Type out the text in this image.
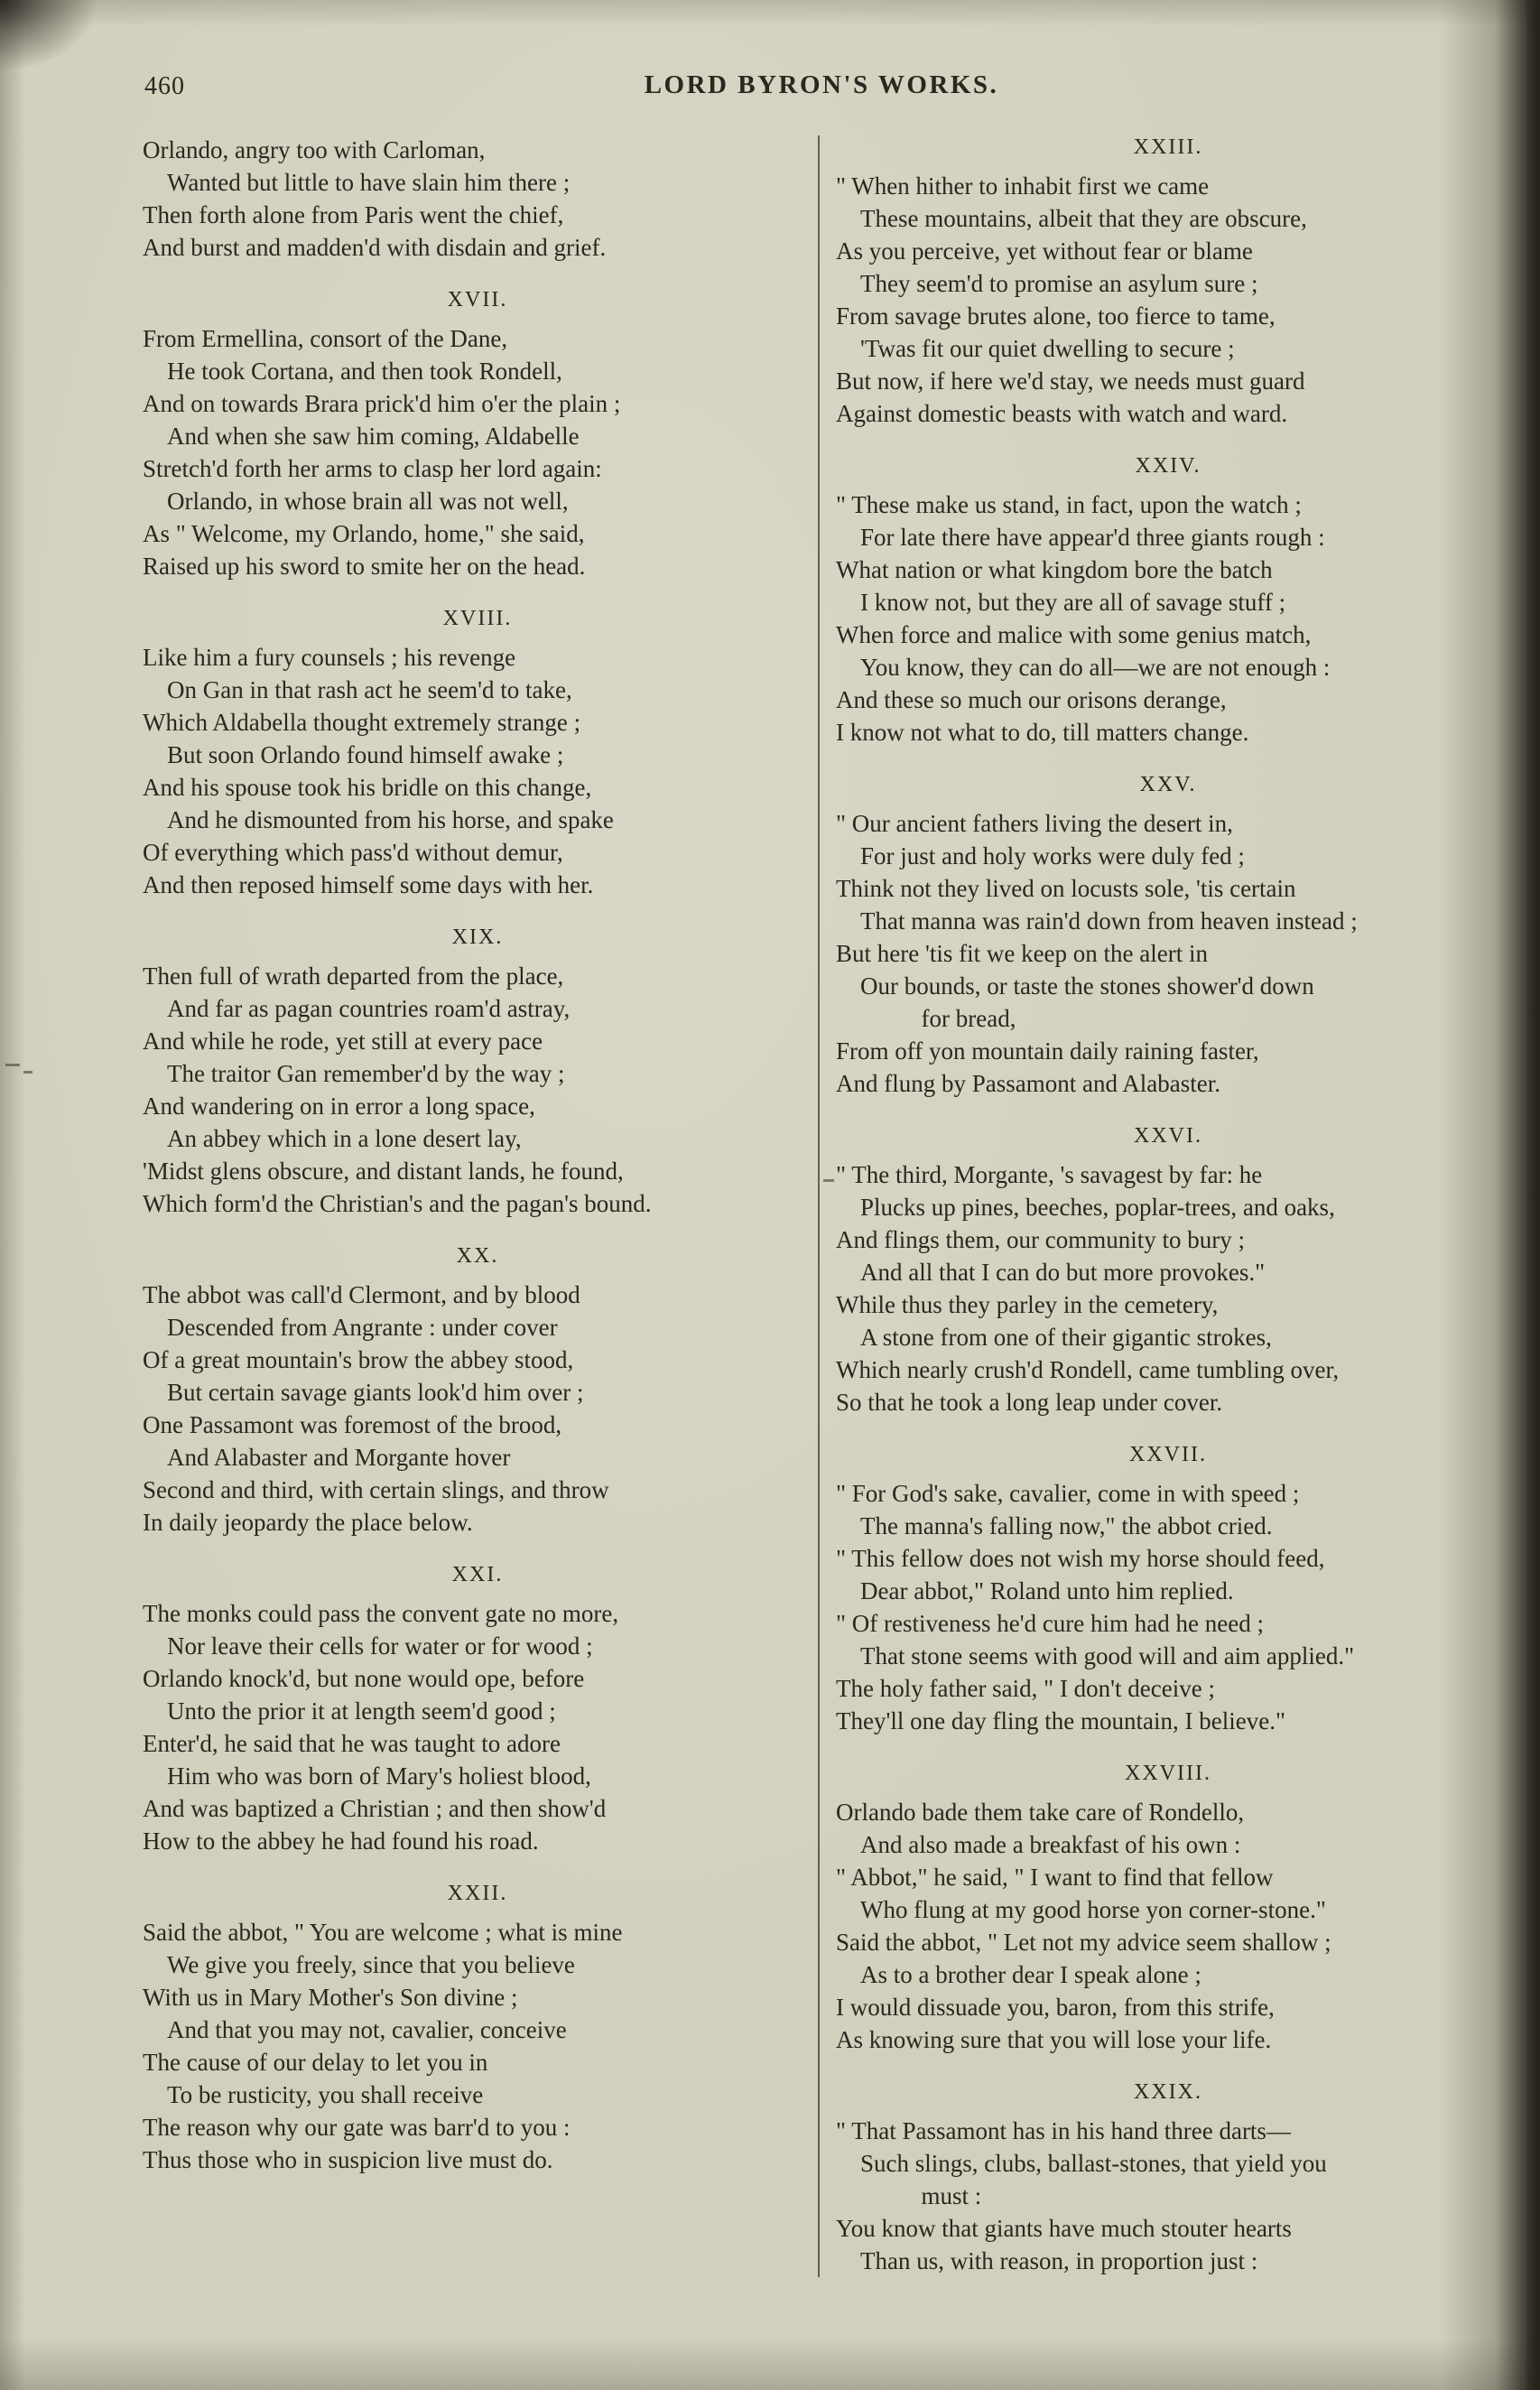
460	LORD BYRON'S WORKS.
Orlando, angry too with Carloman,
Wanted but little to have slain him there ;
Then forth alone from Paris went the chief,
And burst and madden'd with disdain and grief.
XVII.
From Ermellina, consort of the Dane,
He took Cortana, and then took Rondell,
And on towards Brara prick'd him o'er the plain ;
And when she saw him coming, Aldabelle
Stretch'd forth her arms to clasp her lord again:
Orlando, in whose brain all was not well,
As " Welcome, my Orlando, home," she said,
Raised up his sword to smite her on the head.
XVIII.
Like him a fury counsels ; his revenge
On Gan in that rash act he seem'd to take,
Which Aldabella thought extremely strange ;
But soon Orlando found himself awake ;
And his spouse took his bridle on this change,
And he dismounted from his horse, and spake
Of everything which pass'd without demur,
And then reposed himself some days with her.
XIX.
Then full of wrath departed from the place,
And far as pagan countries roam'd astray,
And while he rode, yet still at every pace
The traitor Gan remember'd by the way ;
And wandering on in error a long space,
An abbey which in a lone desert lay,
'Midst glens obscure, and distant lands, he found,
Which form'd the Christian's and the pagan's bound.
XX.
The abbot was call'd Clermont, and by blood
Descended from Angrante : under cover
Of a great mountain's brow the abbey stood,
But certain savage giants look'd him over ;
One Passamont was foremost of the brood,
And Alabaster and Morgante hover
Second and third, with certain slings, and throw
In daily jeopardy the place below.
XXI.
The monks could pass the convent gate no more,
Nor leave their cells for water or for wood ;
Orlando knock'd, but none would ope, before
Unto the prior it at length seem'd good ;
Enter'd, he said that he was taught to adore
Him who was born of Mary's holiest blood,
And was baptized a Christian ; and then show'd
How to the abbey he had found his road.
XXII.
Said the abbot, " You are welcome ; what is mine
We give you freely, since that you believe
With us in Mary Mother's Son divine ;
And that you may not, cavalier, conceive
The cause of our delay to let you in
To be rusticity, you shall receive
The reason why our gate was barr'd to you :
Thus those who in suspicion live must do.
XXIII.
" When hither to inhabit first we came
These mountains, albeit that they are obscure,
As you perceive, yet without fear or blame
They seem'd to promise an asylum sure ;
From savage brutes alone, too fierce to tame,
'Twas fit our quiet dwelling to secure ;
But now, if here we'd stay, we needs must guard
Against domestic beasts with watch and ward.
XXIV.
" These make us stand, in fact, upon the watch ;
For late there have appear'd three giants rough :
What nation or what kingdom bore the batch
I know not, but they are all of savage stuff ;
When force and malice with some genius match,
You know, they can do all—we are not enough :
And these so much our orisons derange,
I know not what to do, till matters change.
XXV.
" Our ancient fathers living the desert in,
For just and holy works were duly fed ;
Think not they lived on locusts sole, 'tis certain
That manna was rain'd down from heaven instead ;
But here 'tis fit we keep on the alert in
Our bounds, or taste the stones shower'd down
for bread,
From off yon mountain daily raining faster,
And flung by Passamont and Alabaster.
XXVI.
" The third, Morgante, 's savagest by far: he
Plucks up pines, beeches, poplar-trees, and oaks,
And flings them, our community to bury ;
And all that I can do but more provokes."
While thus they parley in the cemetery,
A stone from one of their gigantic strokes,
Which nearly crush'd Rondell, came tumbling over,
So that he took a long leap under cover.
XXVII.
" For God's sake, cavalier, come in with speed ;
The manna's falling now," the abbot cried.
" This fellow does not wish my horse should feed,
Dear abbot," Roland unto him replied.
" Of restiveness he'd cure him had he need ;
That stone seems with good will and aim applied."
The holy father said, " I don't deceive ;
They'll one day fling the mountain, I believe."
XXVIII.
Orlando bade them take care of Rondello,
And also made a breakfast of his own :
" Abbot," he said, " I want to find that fellow
Who flung at my good horse yon corner-stone."
Said the abbot, " Let not my advice seem shallow ;
As to a brother dear I speak alone ;
I would dissuade you, baron, from this strife,
As knowing sure that you will lose your life.
XXIX.
" That Passamont has in his hand three darts—
Such slings, clubs, ballast-stones, that yield you
must :
You know that giants have much stouter hearts
Than us, with reason, in proportion just :
